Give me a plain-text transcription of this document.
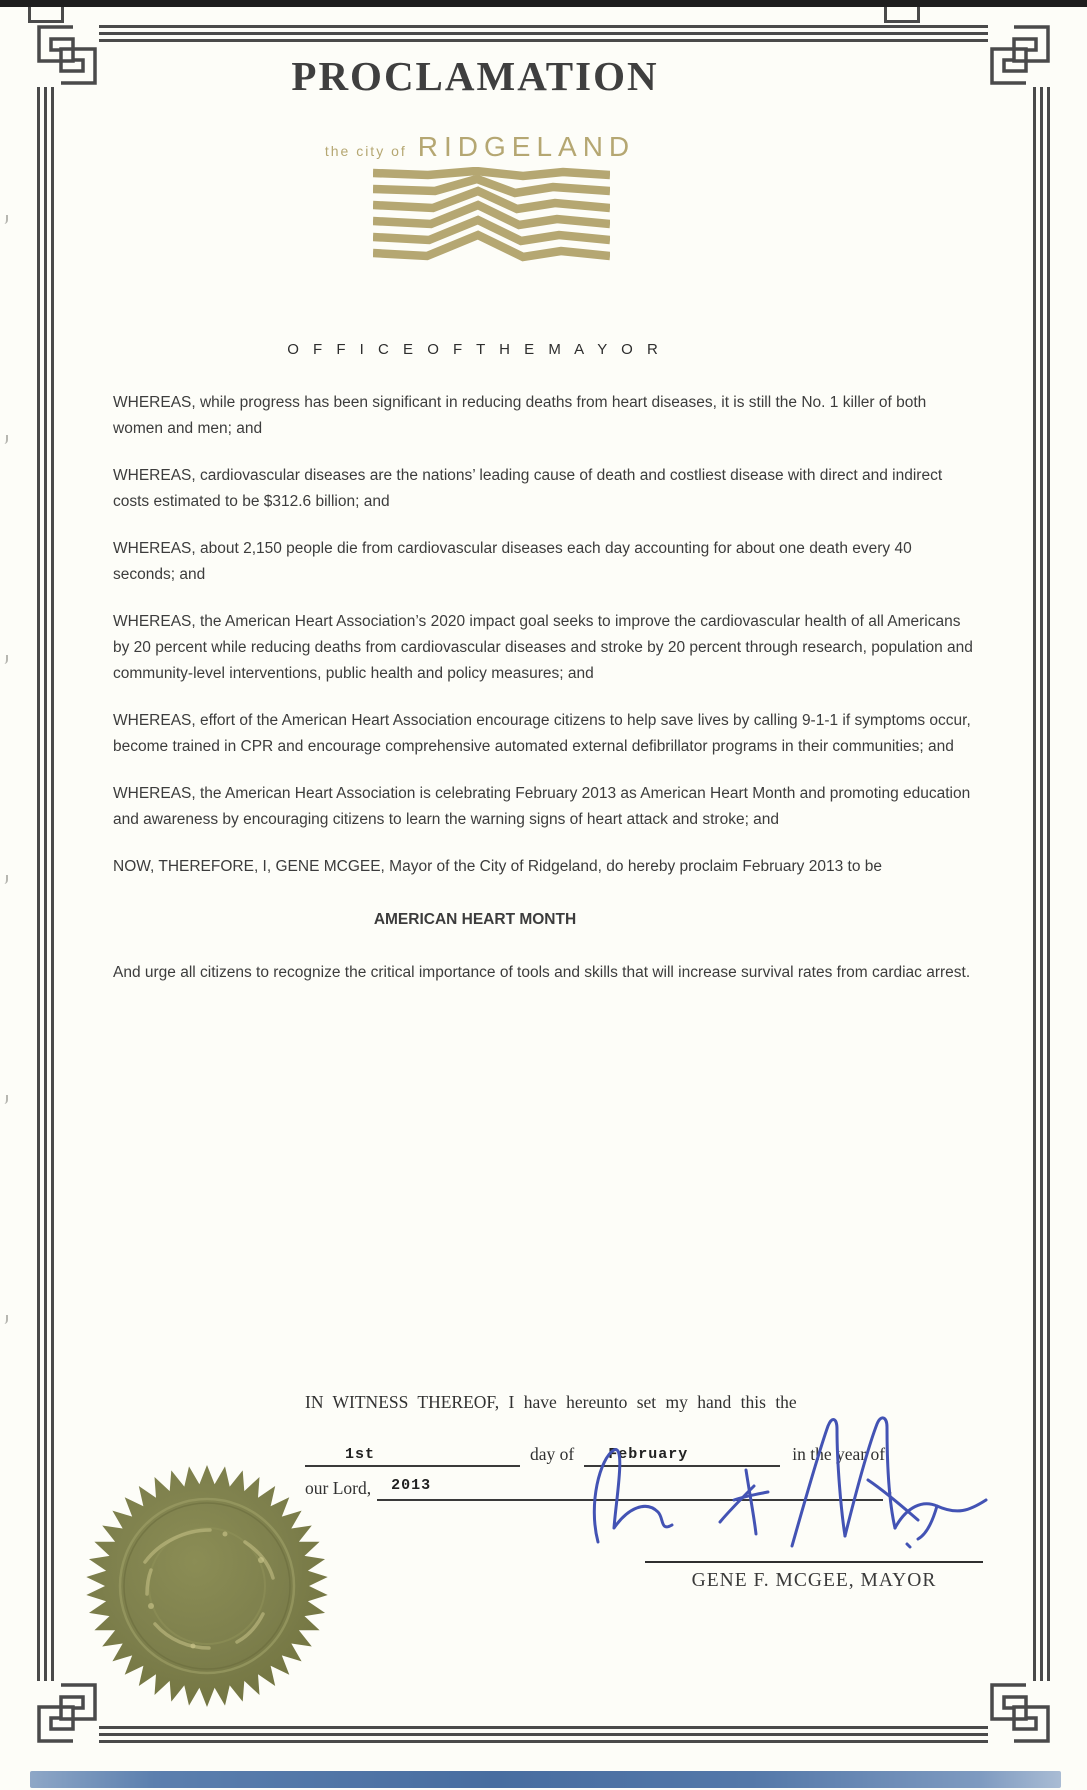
PROCLAMATION
the city of RIDGELAND
O F F I C E O F T H E M A Y O R

WHEREAS, while progress has been significant in reducing deaths from heart diseases, it is still the No. 1 killer of both women and men; and

WHEREAS, cardiovascular diseases are the nations’ leading cause of death and costliest disease with direct and indirect costs estimated to be $312.6 billion; and

WHEREAS, about 2,150 people die from cardiovascular diseases each day accounting for about one death every 40 seconds; and

WHEREAS, the American Heart Association’s 2020 impact goal seeks to improve the cardiovascular health of all Americans by 20 percent while reducing deaths from cardiovascular diseases and stroke by 20 percent through research, population and community-level interventions, public health and policy measures; and

WHEREAS, effort of the American Heart Association encourage citizens to help save lives by calling 9-1-1 if symptoms occur, become trained in CPR and encourage comprehensive automated external defibrillator programs in their communities; and

WHEREAS, the American Heart Association is celebrating February 2013 as American Heart Month and promoting education and awareness by encouraging citizens to learn the warning signs of heart attack and stroke; and

NOW, THEREFORE, I, GENE MCGEE, Mayor of the City of Ridgeland, do hereby proclaim February 2013 to be

AMERICAN HEART MONTH

And urge all citizens to recognize the critical importance of tools and skills that will increase survival rates from cardiac arrest.

IN WITNESS THEREOF, I have hereunto set my hand this the
1st	day of	February	in the year of
our Lord,	2013	.
GENE F. MCGEE, MAYOR
